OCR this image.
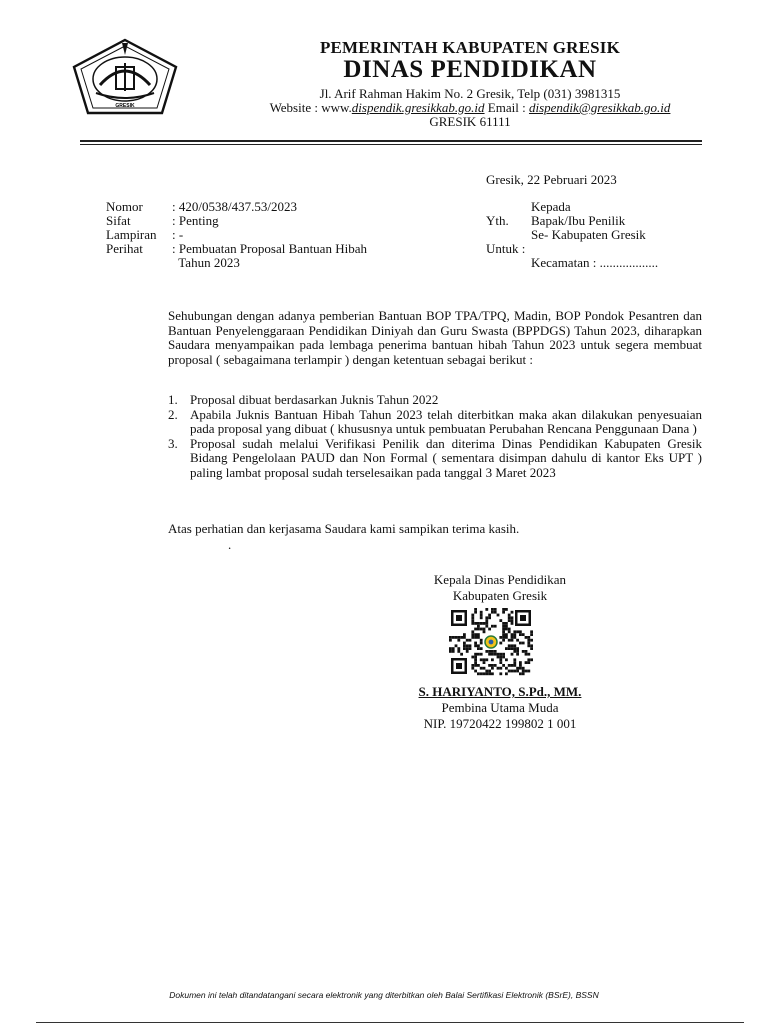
GRESIK
PEMERINTAH KABUPATEN GRESIK
DINAS PENDIDIKAN
Jl. Arif Rahman Hakim No. 2 Gresik, Telp (031) 3981315
Website : www.dispendik.gresikkab.go.id Email : dispendik@gresikkab.go.id
GRESIK 61111
Gresik, 22 Pebruari 2023
Nomor	: 420/0538/437.53/2023
Sifat	: Penting
Lampiran	: -
Perihat	: Pembuatan Proposal Bantuan Hibah
Tahun 2023
Kepada
Yth. Bapak/Ibu Penilik
Se- Kabupaten Gresik
Untuk :
Kecamatan : ..................
Sehubungan dengan adanya pemberian Bantuan BOP TPA/TPQ, Madin, BOP Pondok Pesantren dan Bantuan Penyelenggaraan Pendidikan Diniyah dan Guru Swasta (BPPDGS) Tahun 2023, diharapkan Saudara menyampaikan pada lembaga penerima bantuan hibah Tahun 2023 untuk segera membuat proposal ( sebagaimana terlampir ) dengan ketentuan sebagai berikut :
1. Proposal dibuat berdasarkan Juknis Tahun 2022
2. Apabila Juknis Bantuan Hibah Tahun 2023 telah diterbitkan maka akan dilakukan penyesuaian pada proposal yang dibuat ( khususnya untuk pembuatan Perubahan Rencana Penggunaan Dana )
3. Proposal sudah melalui Verifikasi Penilik dan diterima Dinas Pendidikan Kabupaten Gresik Bidang Pengelolaan PAUD dan Non Formal ( sementara disimpan dahulu di kantor Eks UPT ) paling lambat proposal sudah terselesaikan pada tanggal 3 Maret 2023
Atas perhatian dan kerjasama Saudara kami sampikan terima kasih.
.
Kepala Dinas Pendidikan
Kabupaten Gresik
S. HARIYANTO, S.Pd., MM.
Pembina Utama Muda
NIP. 19720422 199802 1 001
Dokumen ini telah ditandatangani secara elektronik yang diterbitkan oleh Balai Sertifikasi Elektronik (BSrE), BSSN
